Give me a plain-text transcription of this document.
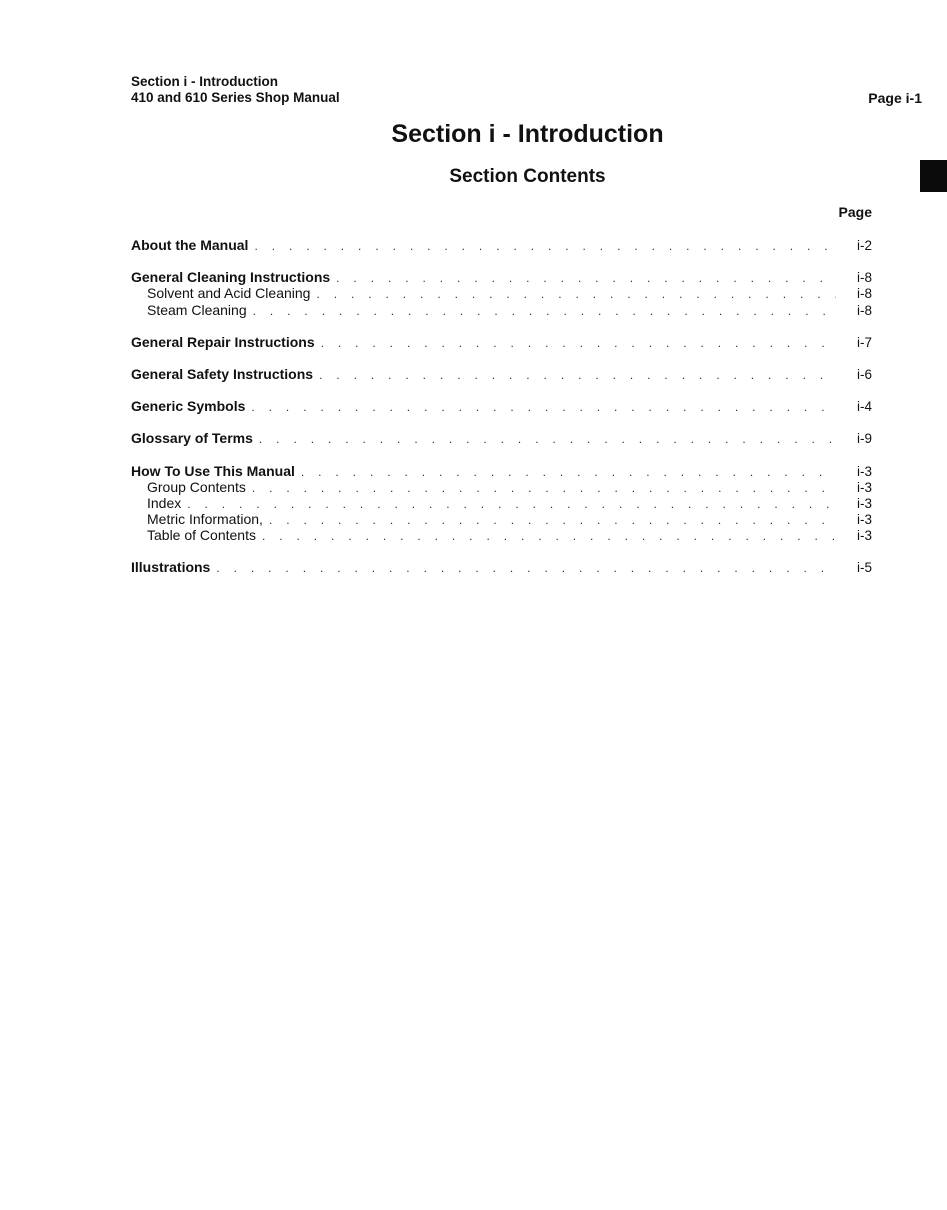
Section i - Introduction
410 and 610 Series Shop Manual	Page i-1
Section i - Introduction
Section Contents
Page
About the Manual . . .	i-2
General Cleaning Instructions . . .	i-8
Solvent and Acid Cleaning . . .	i-8
Steam Cleaning . . .	i-8
General Repair Instructions . . .	i-7
General Safety Instructions . . .	i-6
Generic Symbols . . .	i-4
Glossary of Terms . . .	i-9
How To Use This Manual . . .	i-3
Group Contents . . .	i-3
Index . . .	i-3
Metric Information, . . .	i-3
Table of Contents . . .	i-3
Illustrations . . .	i-5
